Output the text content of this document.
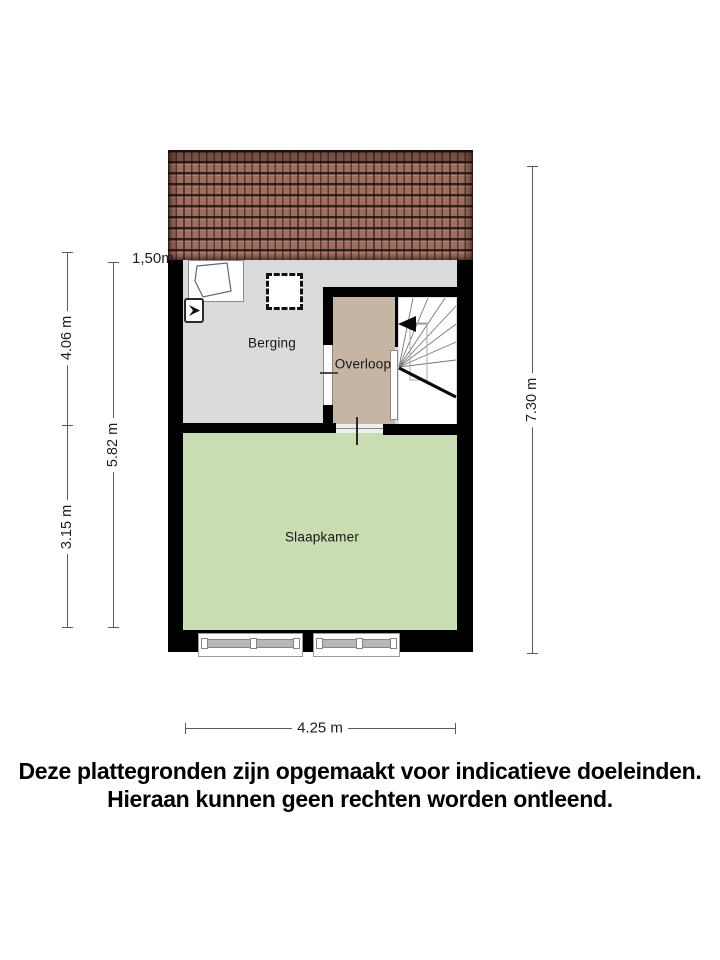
Berging
Overloop
Slaapkamer
1,50m
4.06 m
3.15 m
5.82 m
7.30 m
4.25 m
Deze plattegronden zijn opgemaakt voor indicatieve doeleinden.
Hieraan kunnen geen rechten worden ontleend.
